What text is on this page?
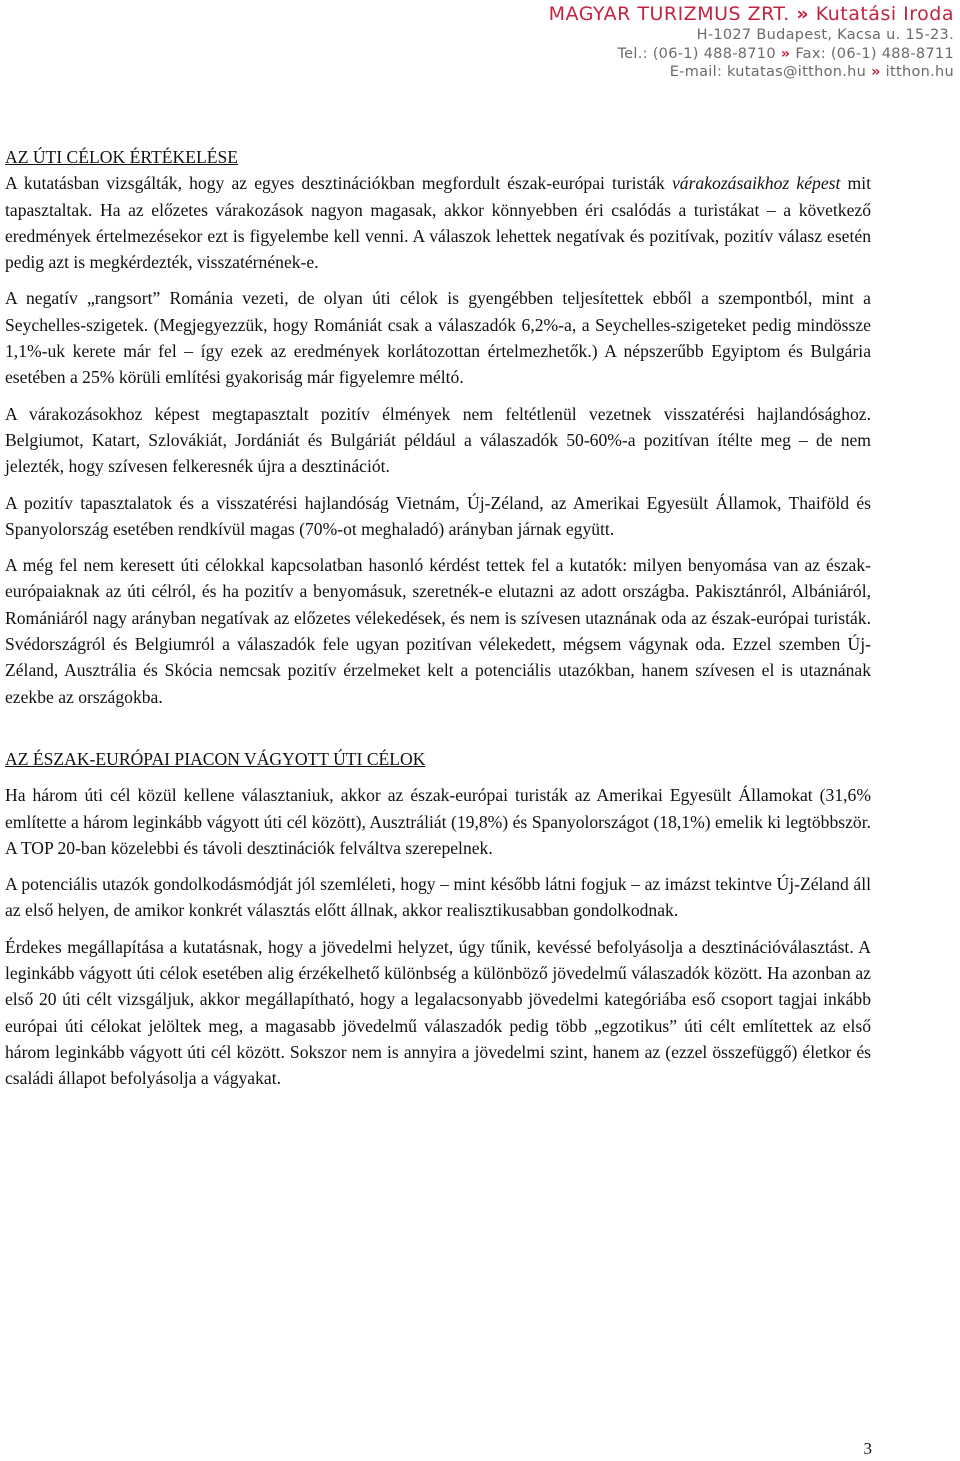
MAGYAR TURIZMUS ZRT. » Kutatási Iroda
H-1027 Budapest, Kacsa u. 15-23.
Tel.: (06-1) 488-8710 » Fax: (06-1) 488-8711
E-mail: kutatas@itthon.hu » itthon.hu
AZ ÚTI CÉLOK ÉRTÉKELÉSE

A kutatásban vizsgálták, hogy az egyes desztinációkban megfordult észak-európai turisták várakozásaikhoz képest mit tapasztaltak. Ha az előzetes várakozások nagyon magasak, akkor könnyebben éri csalódás a turistákat – a következő eredmények értelmezésekor ezt is figyelembe kell venni. A válaszok lehettek negatívak és pozitívak, pozitív válasz esetén pedig azt is megkérdezték, visszatérnének-e.

A negatív „rangsort” Románia vezeti, de olyan úti célok is gyengébben teljesítettek ebből a szempontból, mint a Seychelles-szigetek. (Megjegyezzük, hogy Romániát csak a válaszadók 6,2%-a, a Seychelles-szigeteket pedig mindössze 1,1%-uk kerete már fel – így ezek az eredmények korlátozottan értelmezhetők.) A népszerűbb Egyiptom és Bulgária esetében a 25% körüli említési gyakoriság már figyelemre méltó.

A várakozásokhoz képest megtapasztalt pozitív élmények nem feltétlenül vezetnek visszatérési hajlandósághoz. Belgiumot, Katart, Szlovákiát, Jordániát és Bulgáriát például a válaszadók 50-60%-a pozitívan ítélte meg – de nem jelezték, hogy szívesen felkeresnék újra a desztinációt.

A pozitív tapasztalatok és a visszatérési hajlandóság Vietnám, Új-Zéland, az Amerikai Egyesült Államok, Thaiföld és Spanyolország esetében rendkívül magas (70%-ot meghaladó) arányban járnak együtt.

A még fel nem keresett úti célokkal kapcsolatban hasonló kérdést tettek fel a kutatók: milyen benyomása van az észak-európaiaknak az úti célról, és ha pozitív a benyomásuk, szeretnék-e elutazni az adott országba. Pakisztánról, Albániáról, Romániáról nagy arányban negatívak az előzetes vélekedések, és nem is szívesen utaznának oda az észak-európai turisták. Svédországról és Belgiumról a válaszadók fele ugyan pozitívan vélekedett, mégsem vágynak oda. Ezzel szemben Új-Zéland, Ausztrália és Skócia nemcsak pozitív érzelmeket kelt a potenciális utazókban, hanem szívesen el is utaznának ezekbe az országokba.

AZ ÉSZAK-EURÓPAI PIACON VÁGYOTT ÚTI CÉLOK

Ha három úti cél közül kellene választaniuk, akkor az észak-európai turisták az Amerikai Egyesült Államokat (31,6% említette a három leginkább vágyott úti cél között), Ausztráliát (19,8%) és Spanyolországot (18,1%) emelik ki legtöbbször. A TOP 20-ban közelebbi és távoli desztinációk felváltva szerepelnek.

A potenciális utazók gondolkodásmódját jól szemléleti, hogy – mint később látni fogjuk – az imázst tekintve Új-Zéland áll az első helyen, de amikor konkrét választás előtt állnak, akkor realisztikusabban gondolkodnak.

Érdekes megállapítása a kutatásnak, hogy a jövedelmi helyzet, úgy tűnik, kevéssé befolyásolja a desztinációválasztást. A leginkább vágyott úti célok esetében alig érzékelhető különbség a különböző jövedelmű válaszadók között. Ha azonban az első 20 úti célt vizsgáljuk, akkor megállapítható, hogy a legalacsonyabb jövedelmi kategóriába eső csoport tagjai inkább európai úti célokat jelöltek meg, a magasabb jövedelmű válaszadók pedig több „egzotikus” úti célt említettek az első három leginkább vágyott úti cél között. Sokszor nem is annyira a jövedelmi szint, hanem az (ezzel összefüggő) életkor és családi állapot befolyásolja a vágyakat.

3
